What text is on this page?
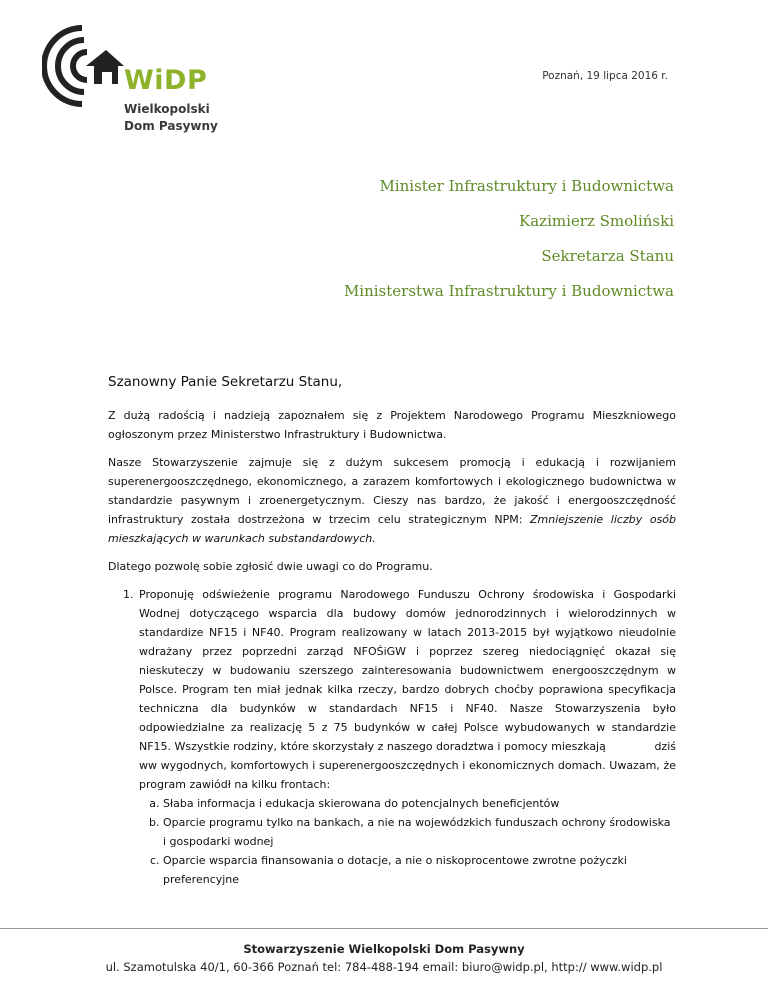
WiDP
Wielkopolski Dom Pasywny
Poznań, 19 lipca 2016 r.
Minister Infrastruktury i Budownictwa
Kazimierz Smoliński
Sekretarza Stanu
Ministerstwa Infrastruktury i Budownictwa

Szanowny Panie Sekretarzu Stanu,

Z dużą radością i nadzieją zapoznałem się z Projektem Narodowego Programu Mieszkniowego ogłoszonym przez Ministerstwo Infrastruktury i Budownictwa.

Nasze Stowarzyszenie zajmuje się z dużym sukcesem promocją i edukacją i rozwijaniem superenergooszczędnego, ekonomicznego, a zarazem komfortowych i ekologicznego budownictwa w standardzie pasywnym i zroenergetycznym. Cieszy nas bardzo, że jakość i energooszczędność infrastruktury została dostrzeżona w trzecim celu strategicznym NPM: Zmniejszenie liczby osób mieszkających w warunkach substandardowych.

Dlatego pozwolę sobie zgłosić dwie uwagi co do Programu.

1. Proponuję odświeżenie programu Narodowego Funduszu Ochrony środowiska i Gospodarki Wodnej dotyczącego wsparcia dla budowy domów jednorodzinnych i wielorodzinnych w standardize NF15 i NF40. Program realizowany w latach 2013-2015 był wyjątkowo nieudolnie wdrażany przez poprzedni zarząd NFOŚiGW i poprzez szereg niedociągnięć okazał się nieskuteczy w budowaniu szerszego zainteresowania budownictwem energooszczędnym w Polsce. Program ten miał jednak kilka rzeczy, bardzo dobrych choćby poprawiona specyfikacja techniczna dla budynków w standardach NF15 i NF40. Nasze Stowarzyszenia było odpowiedzialne za realizację 5 z 75 budynków w całej Polsce wybudowanych w standardzie NF15. Wszystkie rodziny, które skorzystały z naszego doradztwa i pomocy mieszkają	dziś
ww wygodnych, komfortowych i superenergooszczędnych i ekonomicznych domach. Uwazam, że program zawiódł na kilku frontach:
a. Słaba informacja i edukacja skierowana do potencjalnych beneficjentów
b. Oparcie programu tylko na bankach, a nie na wojewódzkich funduszach ochrony środowiska i gospodarki wodnej
c. Oparcie wsparcia finansowania o dotacje, a nie o niskoprocentowe zwrotne pożyczki preferencyjne
Stowarzyszenie Wielkopolski Dom Pasywny
ul. Szamotulska 40/1, 60-366 Poznań tel: 784-488-194 email: biuro@widp.pl, http:// www.widp.pl
